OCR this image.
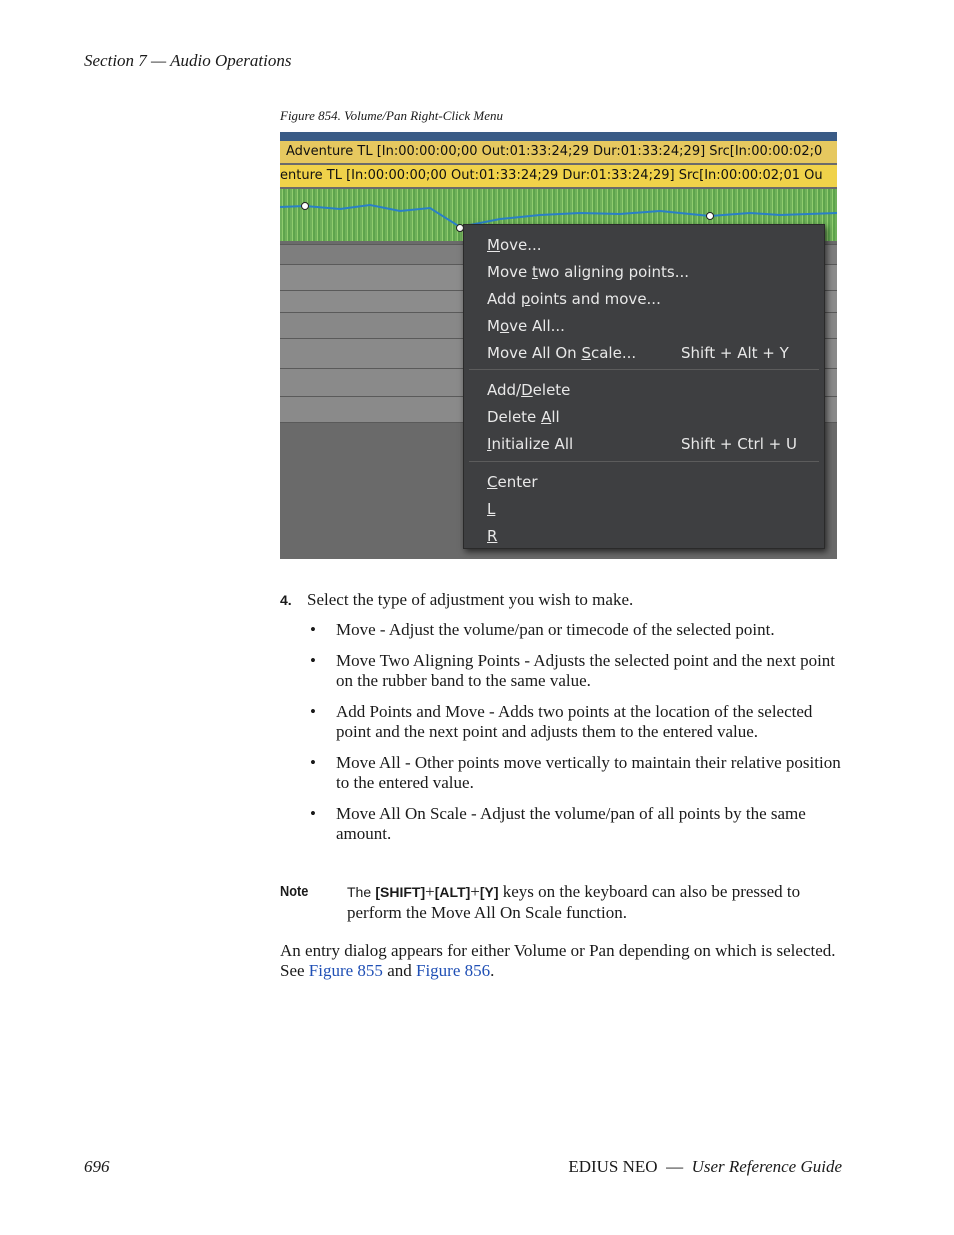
Section 7 — Audio Operations
Figure 854. Volume/Pan Right-Click Menu
Adventure TL [In:00:00:00;00 Out:01:33:24;29 Dur:01:33:24;29] Src[In:00:00:02;0
enture TL [In:00:00:00;00 Out:01:33:24;29 Dur:01:33:24;29] Src[In:00:00:02;01 Ou
Move...
Move two aligning points...
Add points and move...
Move All...
Move All On Scale...	Shift + Alt + Y
Add/Delete
Delete All
Initialize All	Shift + Ctrl + U
Center
L
R
4. Select the type of adjustment you wish to make.
• Move - Adjust the volume/pan or timecode of the selected point.
• Move Two Aligning Points - Adjusts the selected point and the next point on the rubber band to the same value.
• Add Points and Move - Adds two points at the location of the selected point and the next point and adjusts them to the entered value.
• Move All - Other points move vertically to maintain their relative position to the entered value.
• Move All On Scale - Adjust the volume/pan of all points by the same amount.
Note	The [SHIFT]+[ALT]+[Y] keys on the keyboard can also be pressed to perform the Move All On Scale function.
An entry dialog appears for either Volume or Pan depending on which is selected. See Figure 855 and Figure 856.
696	EDIUS NEO  —  User Reference Guide
